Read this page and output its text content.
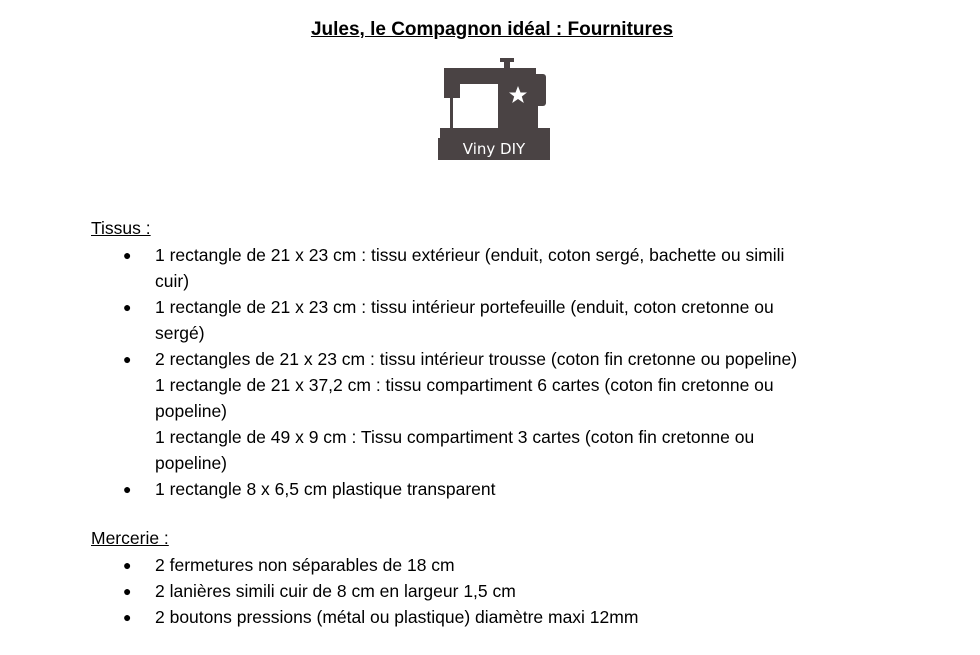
Jules, le Compagnon idéal : Fournitures
Viny DIY
Tissus :
● 1 rectangle de 21 x 23 cm : tissu extérieur (enduit, coton sergé, bachette ou simili
cuir)
● 1 rectangle de 21 x 23 cm : tissu intérieur portefeuille (enduit, coton cretonne ou
sergé)
● 2 rectangles de 21 x 23 cm : tissu intérieur trousse (coton fin cretonne ou popeline)
1 rectangle de 21 x 37,2 cm : tissu compartiment 6 cartes (coton fin cretonne ou
popeline)
1 rectangle de 49 x 9 cm : Tissu compartiment 3 cartes (coton fin cretonne ou
popeline)
● 1 rectangle 8 x 6,5 cm plastique transparent
Mercerie :
● 2 fermetures non séparables de 18 cm
● 2 lanières simili cuir de 8 cm en largeur 1,5 cm
● 2 boutons pressions (métal ou plastique) diamètre maxi 12mm
